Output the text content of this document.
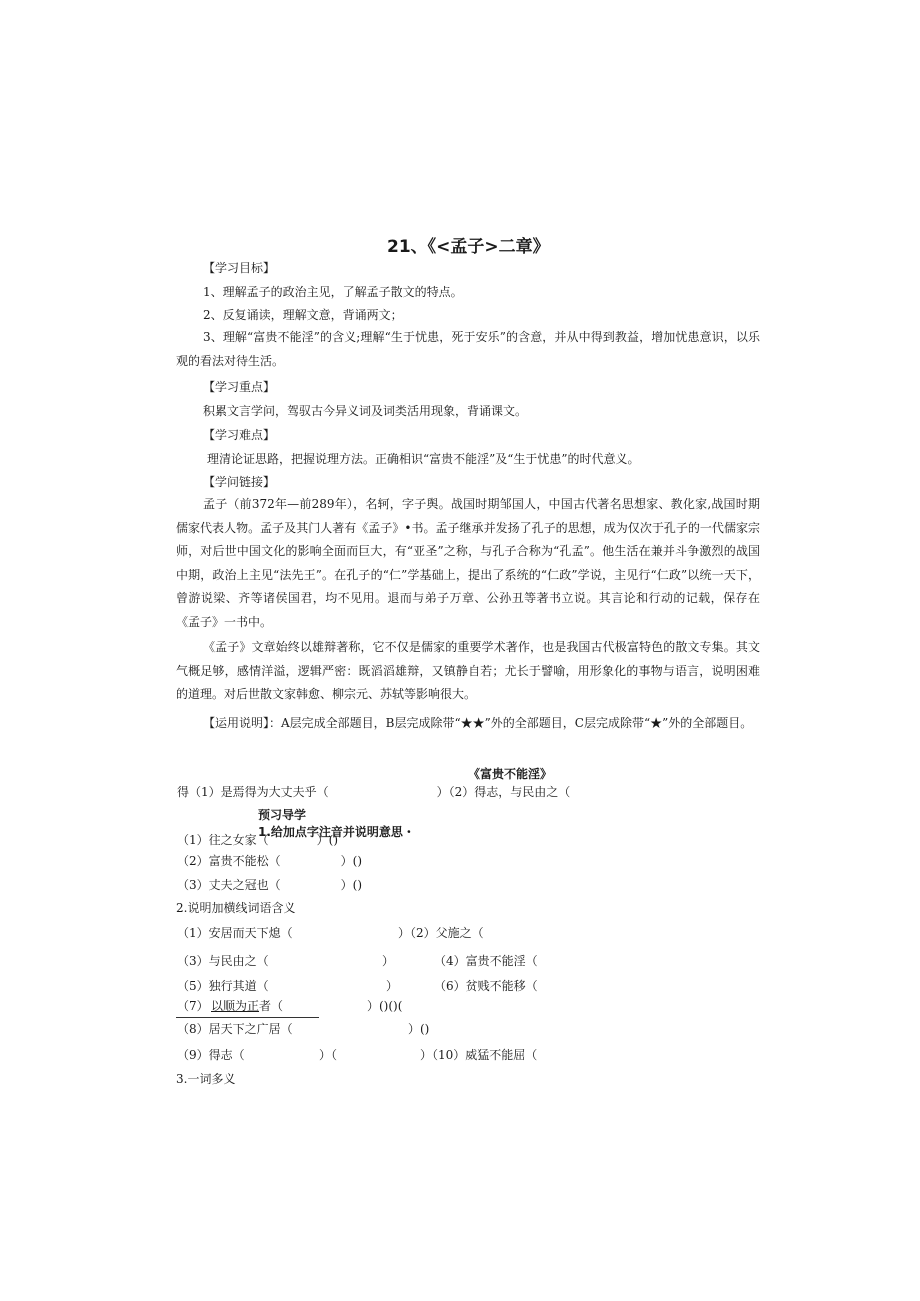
21、《<孟子>二章》
【学习目标】
1、理解孟子的政治主见，了解孟子散文的特点。
2、反复诵读，理解文意，背诵两文；
3、理解“富贵不能淫”的含义;理解“生于忧患，死于安乐”的含意，并从中得到教益，增加忧患意识，以乐观的看法对待生活。
【学习重点】
积累文言学问，驾驭古今异义词及词类活用现象，背诵课文。
【学习难点】
理清论证思路，把握说理方法。正确相识“富贵不能淫”及“生于忧患”的时代意义。
【学问链接】
孟子（前372年—前289年），名轲，字子舆。战国时期邹国人，中国古代著名思想家、教化家,战国时期儒家代表人物。孟子及其门人著有《孟子》•书。孟子继承并发扬了孔子的思想，成为仅次于孔子的一代儒家宗师，对后世中国文化的影响全面而巨大，有“亚圣”之称，与孔子合称为“孔孟”。他生活在兼并斗争激烈的战国中期，政治上主见“法先王”。在孔子的“仁”学基础上，提出了系统的“仁政”学说，主见行“仁政”以统一天下，曾游说梁、齐等诸侯国君，均不见用。退而与弟子万章、公孙丑等著书立说。其言论和行动的记载，保存在《孟子》一书中。
《孟子》文章始终以雄辩著称，它不仅是儒家的重要学术著作，也是我国古代极富特色的散文专集。其文气概足够，感情洋溢，逻辑严密：既滔滔雄辩，又镇静自若；尤长于譬喻，用形象化的事物与语言，说明困难的道理。对后世散文家韩愈、柳宗元、苏轼等影响很大。
【运用说明】：A层完成全部题目，B层完成除带“★★”外的全部题目，C层完成除带“★”外的全部题目。
《富贵不能淫》
得（1）是焉得为大丈夫乎（　　　　　　　　　）（2）得志，与民由之（
预习导学
1.给加点字注音并说明意思・
（1）往之女家（　　　　）()
（2）富贵不能松（　　　　　）()
（3）丈夫之冠也（　　　　　）()
2.说明加横线词语含义
（1）安居而天下熄（	）（2）父施之（
（3）与民由之（	）	（4）富贵不能淫（
（5）独行其道（	）	（6）贫贱不能移（
（7） 以顺为正 者（	）()()(
（8）居天下之广居（	）()
（9）得志（	）（	）（10）威猛不能屈（
3.一词多义
